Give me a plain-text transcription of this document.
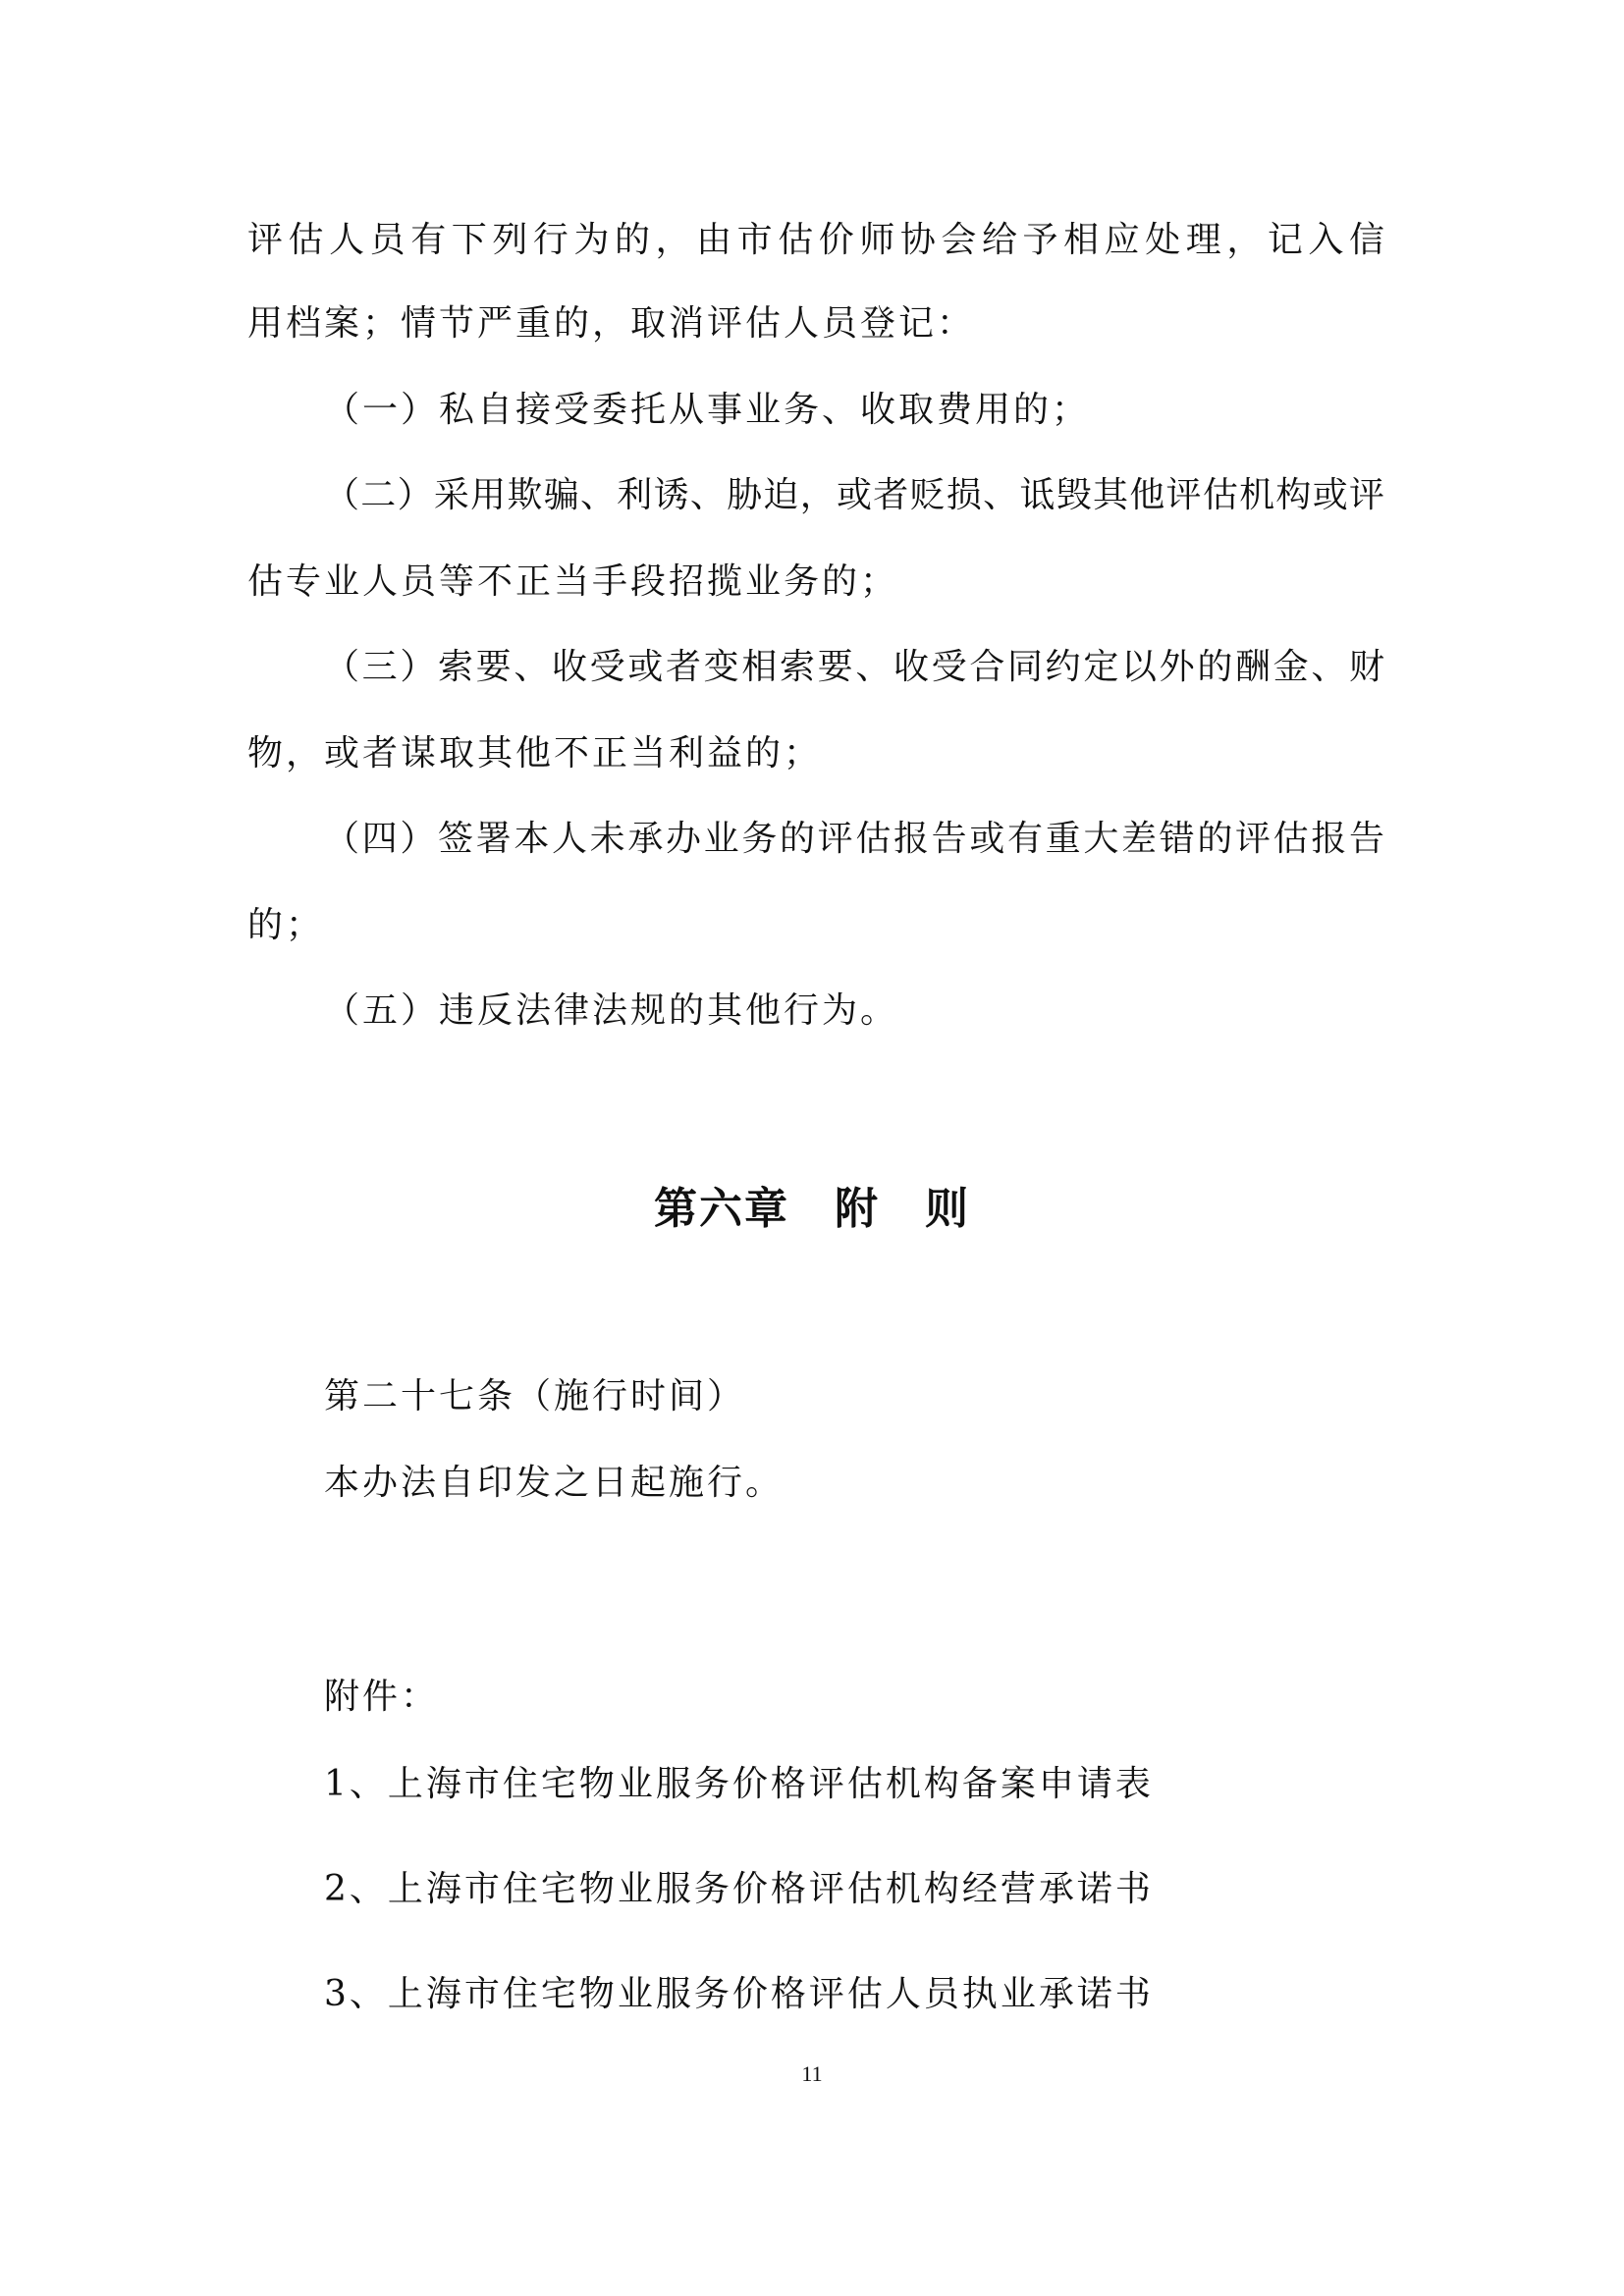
评估人员有下列行为的，由市估价师协会给予相应处理，记入信
用档案；情节严重的，取消评估人员登记：
（一）私自接受委托从事业务、收取费用的；
（二）采用欺骗、利诱、胁迫，或者贬损、诋毁其他评估机构或评
估专业人员等不正当手段招揽业务的；
（三）索要、收受或者变相索要、收受合同约定以外的酬金、财
物，或者谋取其他不正当利益的；
（四）签署本人未承办业务的评估报告或有重大差错的评估报告
的；
（五）违反法律法规的其他行为。
第六章　附　则
第二十七条（施行时间）
本办法自印发之日起施行。
附件：
1、上海市住宅物业服务价格评估机构备案申请表
2、上海市住宅物业服务价格评估机构经营承诺书
3、上海市住宅物业服务价格评估人员执业承诺书
11
